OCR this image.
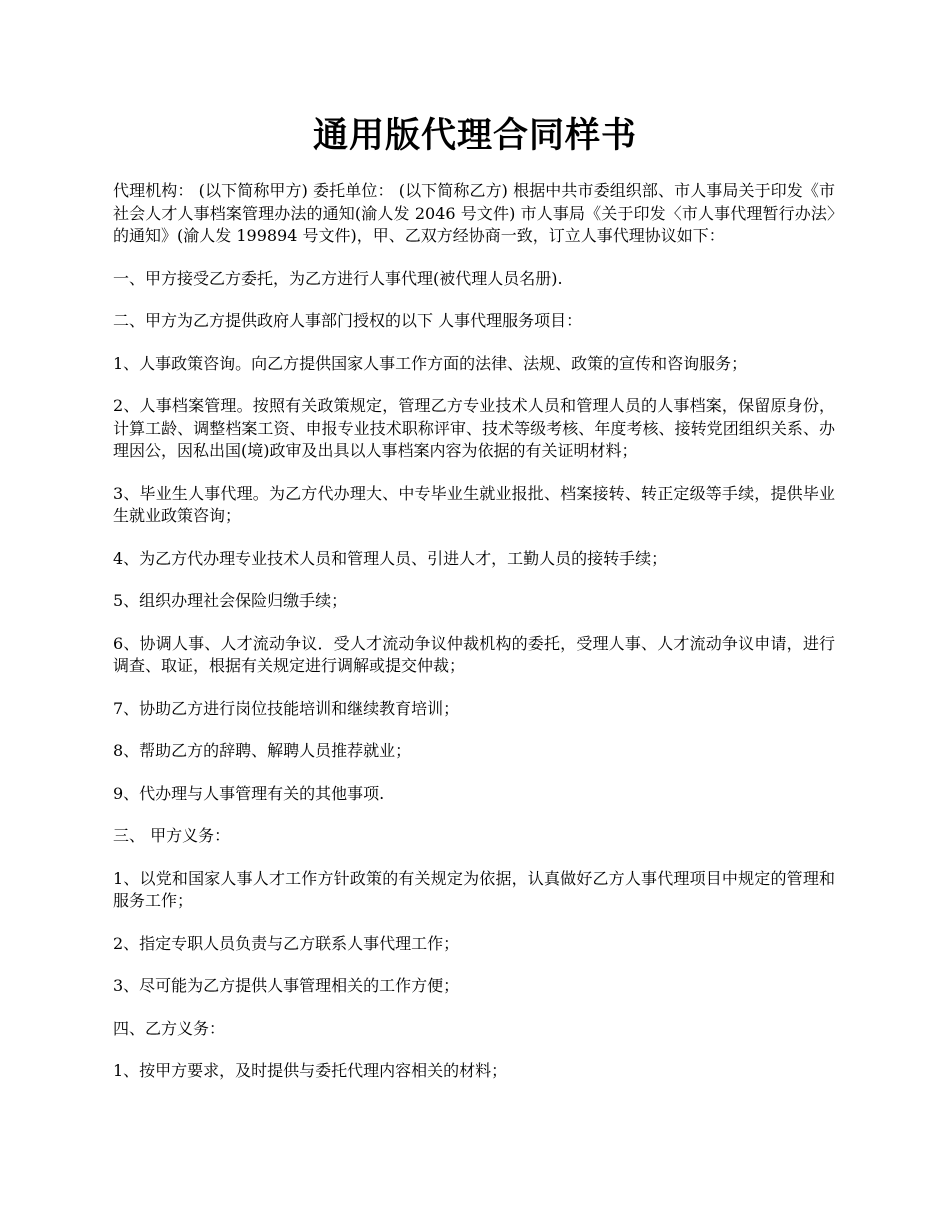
通用版代理合同样书

代理机构： (以下简称甲方) 委托单位： (以下简称乙方) 根据中共市委组织部、市人事局关于印发《市社会人才人事档案管理办法的通知(渝人发 2046 号文件) 市人事局《关于印发〈市人事代理暂行办法〉的通知》(渝人发 199894 号文件)，甲、乙双方经协商一致，订立人事代理协议如下：

一、甲方接受乙方委托，为乙方进行人事代理(被代理人员名册).

二、甲方为乙方提供政府人事部门授权的以下 人事代理服务项目：

1、人事政策咨询。向乙方提供国家人事工作方面的法律、法规、政策的宣传和咨询服务；

2、人事档案管理。按照有关政策规定，管理乙方专业技术人员和管理人员的人事档案，保留原身份，计算工龄、调整档案工资、申报专业技术职称评审、技术等级考核、年度考核、接转党团组织关系、办理因公，因私出国(境)政审及出具以人事档案内容为依据的有关证明材料；

3、毕业生人事代理。为乙方代办理大、中专毕业生就业报批、档案接转、转正定级等手续，提供毕业生就业政策咨询；

4、为乙方代办理专业技术人员和管理人员、引进人才，工勤人员的接转手续；

5、组织办理社会保险归缴手续；

6、协调人事、人才流动争议．受人才流动争议仲裁机构的委托，受理人事、人才流动争议申请，进行调查、取证，根据有关规定进行调解或提交仲裁；

7、协助乙方进行岗位技能培训和继续教育培训；

8、帮助乙方的辞聘、解聘人员推荐就业；

9、代办理与人事管理有关的其他事项.

三、 甲方义务：

1、以党和国家人事人才工作方针政策的有关规定为依据，认真做好乙方人事代理项目中规定的管理和服务工作；

2、指定专职人员负责与乙方联系人事代理工作；

3、尽可能为乙方提供人事管理相关的工作方便；

四、乙方义务：

1、按甲方要求，及时提供与委托代理内容相关的材料；
